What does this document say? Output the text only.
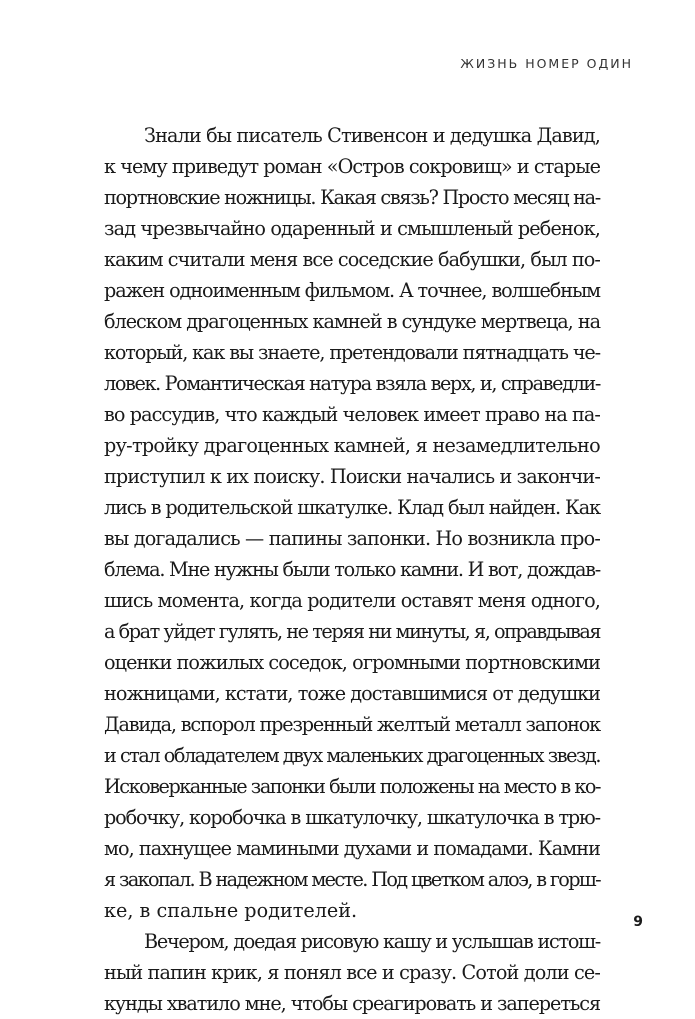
ЖИЗНЬ НОМЕР ОДИН
Знали бы писатель Стивенсон и дедушка Давид,
к чему приведут роман «Остров сокровищ» и старые
портновские ножницы. Какая связь? Просто месяц на-
зад чрезвычайно одаренный и смышленый ребенок,
каким считали меня все соседские бабушки, был по-
ражен одноименным фильмом. А точнее, волшебным
блеском драгоценных камней в сундуке мертвеца, на
который, как вы знаете, претендовали пятнадцать че-
ловек. Романтическая натура взяла верх, и, справедли-
во рассудив, что каждый человек имеет право на па-
ру-тройку драгоценных камней, я незамедлительно
приступил к их поиску. Поиски начались и закончи-
лись в родительской шкатулке. Клад был найден. Как
вы догадались — папины запонки. Но возникла про-
блема. Мне нужны были только камни. И вот, дождав-
шись момента, когда родители оставят меня одного,
а брат уйдет гулять, не теряя ни минуты, я, оправдывая
оценки пожилых соседок, огромными портновскими
ножницами, кстати, тоже доставшимися от дедушки
Давида, вспорол презренный желтый металл запонок
и стал обладателем двух маленьких драгоценных звезд.
Исковерканные запонки были положены на место в ко-
робочку, коробочка в шкатулочку, шкатулочка в трю-
мо, пахнущее мамиными духами и помадами. Камни
я закопал. В надежном месте. Под цветком алоэ, в горш-
ке, в спальне родителей.
Вечером, доедая рисовую кашу и услышав истош-
ный папин крик, я понял все и сразу. Сотой доли се-
кунды хватило мне, чтобы среагировать и запереться
9
